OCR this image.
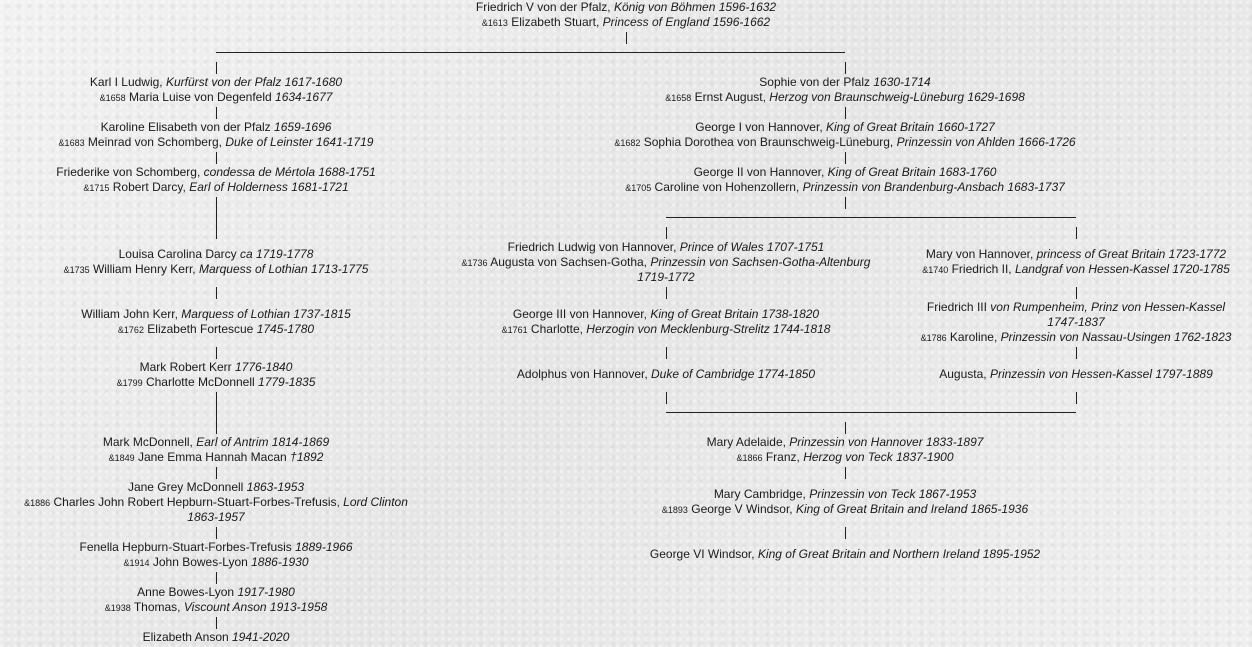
Friedrich V von der Pfalz, König von Böhmen 1596-1632
&1613 Elizabeth Stuart, Princess of England 1596-1662
Karl I Ludwig, Kurfürst von der Pfalz 1617-1680
&1658 Maria Luise von Degenfeld 1634-1677
Sophie von der Pfalz 1630-1714
&1658 Ernst August, Herzog von Braunschweig-Lüneburg 1629-1698
Karoline Elisabeth von der Pfalz 1659-1696
&1683 Meinrad von Schomberg, Duke of Leinster 1641-1719
George I von Hannover, King of Great Britain 1660-1727
&1682 Sophia Dorothea von Braunschweig-Lüneburg, Prinzessin von Ahlden 1666-1726
Friederike von Schomberg, condessa de Mértola 1688-1751
&1715 Robert Darcy, Earl of Holderness 1681-1721
George II von Hannover, King of Great Britain 1683-1760
&1705 Caroline von Hohenzollern, Prinzessin von Brandenburg-Ansbach 1683-1737
Friedrich Ludwig von Hannover, Prince of Wales 1707-1751
&1736 Augusta von Sachsen-Gotha, Prinzessin von Sachsen-Gotha-Altenburg
1719-1772
Louisa Carolina Darcy ca 1719-1778
&1735 William Henry Kerr, Marquess of Lothian 1713-1775
Mary von Hannover, princess of Great Britain 1723-1772
&1740 Friedrich II, Landgraf von Hessen-Kassel 1720-1785
Friedrich III von Rumpenheim, Prinz von Hessen-Kassel
1747-1837
&1786 Karoline, Prinzessin von Nassau-Usingen 1762-1823
William John Kerr, Marquess of Lothian 1737-1815
&1762 Elizabeth Fortescue 1745-1780
George III von Hannover, King of Great Britain 1738-1820
&1761 Charlotte, Herzogin von Mecklenburg-Strelitz 1744-1818
Mark Robert Kerr 1776-1840
&1799 Charlotte McDonnell 1779-1835
Adolphus von Hannover, Duke of Cambridge 1774-1850	Augusta, Prinzessin von Hessen-Kassel 1797-1889
Mark McDonnell, Earl of Antrim 1814-1869
&1849 Jane Emma Hannah Macan †1892
Mary Adelaide, Prinzessin von Hannover 1833-1897
&1866 Franz, Herzog von Teck 1837-1900
Jane Grey McDonnell 1863-1953
&1886 Charles John Robert Hepburn-Stuart-Forbes-Trefusis, Lord Clinton
1863-1957
Mary Cambridge, Prinzessin von Teck 1867-1953
&1893 George V Windsor, King of Great Britain and Ireland 1865-1936
Fenella Hepburn-Stuart-Forbes-Trefusis 1889-1966
&1914 John Bowes-Lyon 1886-1930
George VI Windsor, King of Great Britain and Northern Ireland 1895-1952
Anne Bowes-Lyon 1917-1980
&1938 Thomas, Viscount Anson 1913-1958
Elizabeth Anson 1941-2020
